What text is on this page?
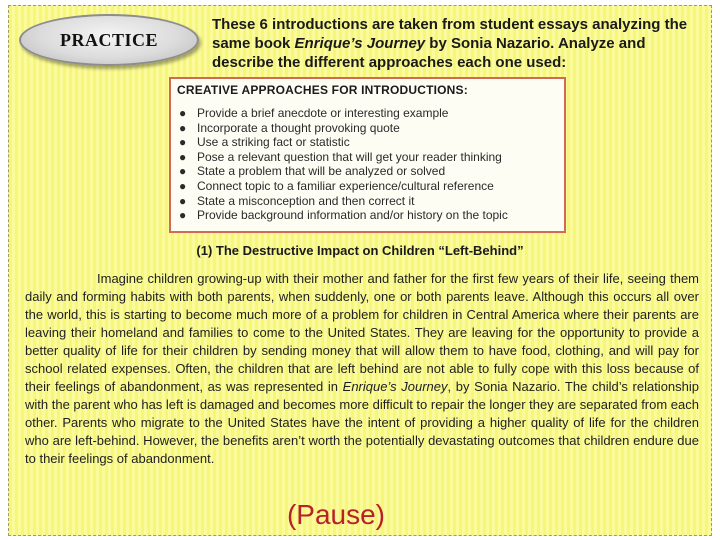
PRACTICE
These 6 introductions are taken from student essays analyzing the same book Enrique’s Journey by Sonia Nazario. Analyze and describe the different approaches each one used:
CREATIVE APPROACHES FOR INTRODUCTIONS:
● Provide a brief anecdote or interesting example
● Incorporate a thought provoking quote
● Use a striking fact or statistic
● Pose a relevant question that will get your reader thinking
● State a problem that will be analyzed or solved
● Connect topic to a familiar experience/cultural reference
● State a misconception and then correct it
● Provide background information and/or history on the topic
(1) The Destructive Impact on Children “Left-Behind”
Imagine children growing-up with their mother and father for the first few years of their life, seeing them daily and forming habits with both parents, when suddenly, one or both parents leave. Although this occurs all over the world, this is starting to become much more of a problem for children in Central America where their parents are leaving their homeland and families to come to the United States. They are leaving for the opportunity to provide a better quality of life for their children by sending money that will allow them to have food, clothing, and will pay for school related expenses. Often, the children that are left behind are not able to fully cope with this loss because of their feelings of abandonment, as was represented in Enrique’s Journey, by Sonia Nazario. The child’s relationship with the parent who has left is damaged and becomes more difficult to repair the longer they are separated from each other. Parents who migrate to the United States have the intent of providing a higher quality of life for the children who are left-behind. However, the benefits aren’t worth the potentially devastating outcomes that children endure due to their feelings of abandonment.
(Pause)
